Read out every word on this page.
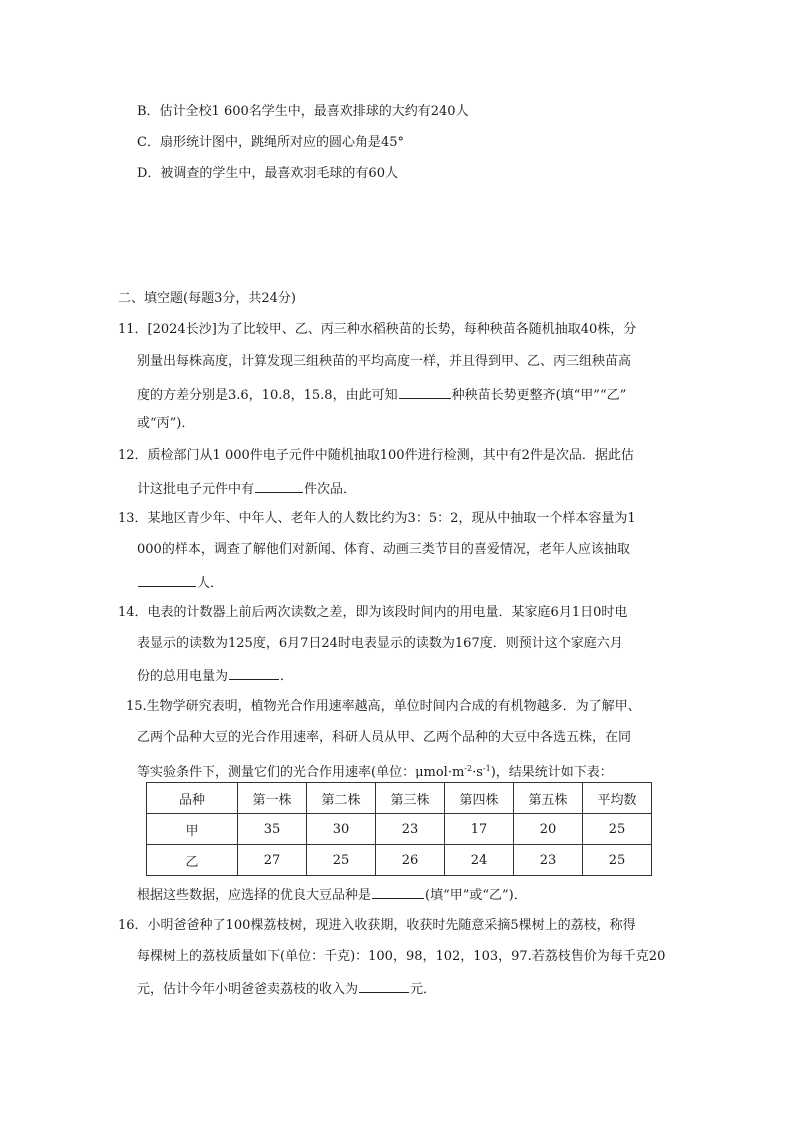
B．估计全校1 600名学生中，最喜欢排球的大约有240人
C．扇形统计图中，跳绳所对应的圆心角是45°
D．被调查的学生中，最喜欢羽毛球的有60人
二、填空题(每题3分，共24分)
11．[2024长沙]为了比较甲、乙、丙三种水稻秧苗的长势，每种秧苗各随机抽取40株，分
别量出每株高度，计算发现三组秧苗的平均高度一样，并且得到甲、乙、丙三组秧苗高
度的方差分别是3.6，10.8，15.8，由此可知	种秧苗长势更整齐(填“甲”“乙”
或“丙”)．
12．质检部门从1 000件电子元件中随机抽取100件进行检测，其中有2件是次品．据此估
计这批电子元件中有	件次品．
13．某地区青少年、中年人、老年人的人数比约为3：5：2，现从中抽取一个样本容量为1
000的样本，调查了解他们对新闻、体育、动画三类节目的喜爱情况，老年人应该抽取
人．
14．电表的计数器上前后两次读数之差，即为该段时间内的用电量．某家庭6月1日0时电
表显示的读数为125度，6月7日24时电表显示的读数为167度．则预计这个家庭六月
份的总用电量为	．
15.生物学研究表明，植物光合作用速率越高，单位时间内合成的有机物越多．为了解甲、
乙两个品种大豆的光合作用速率，科研人员从甲、乙两个品种的大豆中各选五株，在同
等实验条件下，测量它们的光合作用速率(单位：$\mu mol\cdot m^{-2}\cdot s^{-1}$)，结果统计如下表：
品种	第一株	第二株	第三株	第四株	第五株	平均数
甲	35	30	23	17	20	25
乙	27	25	26	24	23	25
根据这些数据，应选择的优良大豆品种是	(填“甲”或“乙”)．
16．小明爸爸种了100棵荔枝树，现进入收获期，收获时先随意采摘5棵树上的荔枝，称得
每棵树上的荔枝质量如下(单位：千克)：100，98，102，103，97.若荔枝售价为每千克20
元，估计今年小明爸爸卖荔枝的收入为	元．
